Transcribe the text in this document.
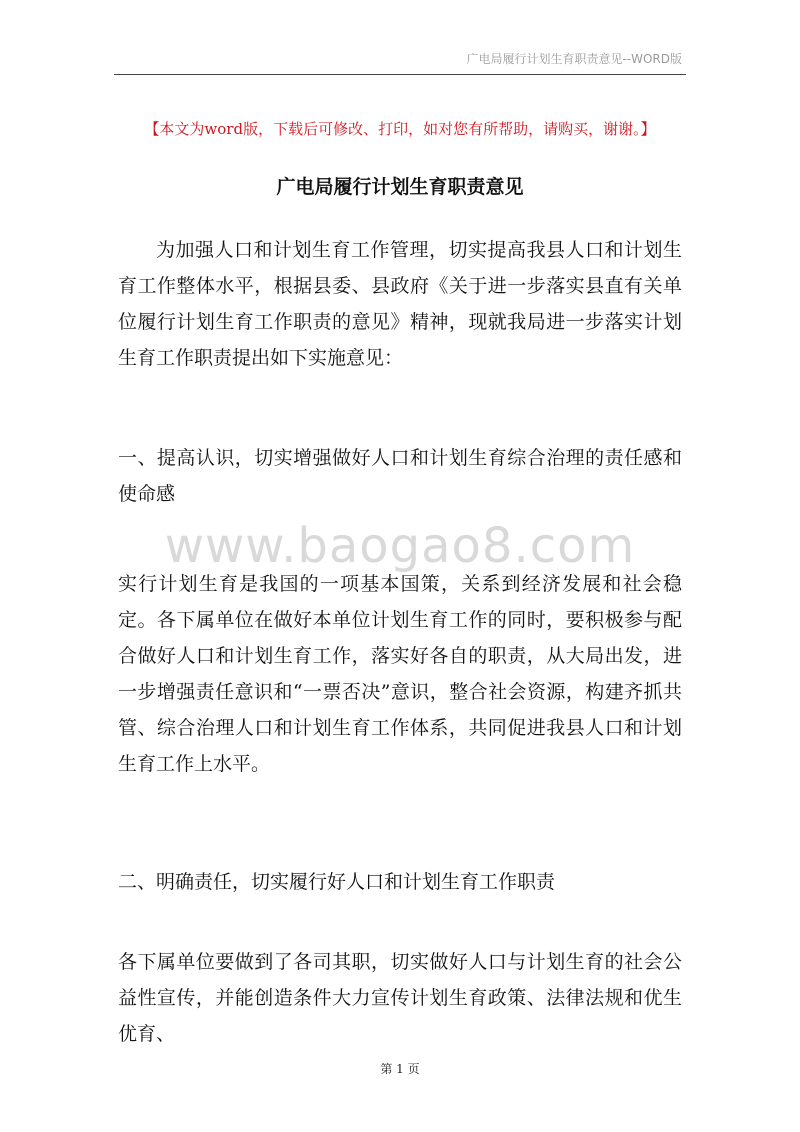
广电局履行计划生育职责意见--WORD版
【本文为word版，下载后可修改、打印，如对您有所帮助，请购买，谢谢。】
广电局履行计划生育职责意见

为加强人口和计划生育工作管理，切实提高我县人口和计划生育工作整体水平，根据县委、县政府《关于进一步落实县直有关单位履行计划生育工作职责的意见》精神，现就我局进一步落实计划生育工作职责提出如下实施意见：

一、提高认识，切实增强做好人口和计划生育综合治理的责任感和使命感

www.baogao8.com

实行计划生育是我国的一项基本国策，关系到经济发展和社会稳定。各下属单位在做好本单位计划生育工作的同时，要积极参与配合做好人口和计划生育工作，落实好各自的职责，从大局出发，进一步增强责任意识和“一票否决”意识，整合社会资源，构建齐抓共管、综合治理人口和计划生育工作体系，共同促进我县人口和计划生育工作上水平。

二、明确责任，切实履行好人口和计划生育工作职责

各下属单位要做到了各司其职，切实做好人口与计划生育的社会公益性宣传，并能创造条件大力宣传计划生育政策、法律法规和优生优育、

第 1 页
